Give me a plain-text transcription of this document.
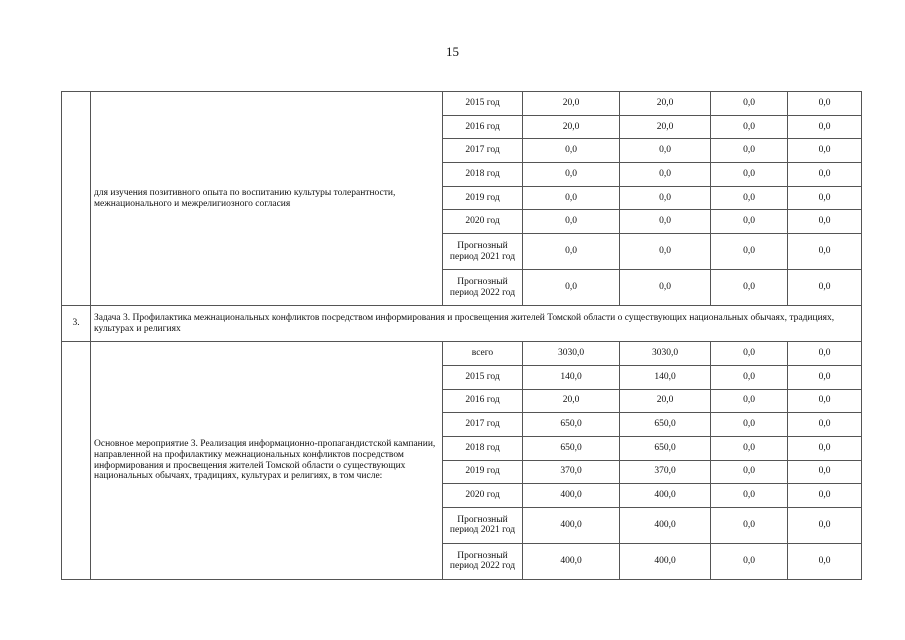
15
	для изучения позитивного опыта по воспитанию культуры толерантности, межнационального и межрелигиозного согласия	2015 год	20,0	20,0	0,0	0,0
		2016 год	20,0	20,0	0,0	0,0
		2017 год	0,0	0,0	0,0	0,0
		2018 год	0,0	0,0	0,0	0,0
		2019 год	0,0	0,0	0,0	0,0
		2020 год	0,0	0,0	0,0	0,0
		Прогнозный период 2021 год	0,0	0,0	0,0	0,0
		Прогнозный период 2022 год	0,0	0,0	0,0	0,0
3.	Задача 3. Профилактика межнациональных конфликтов посредством информирования и просвещения жителей Томской области о существующих национальных обычаях, традициях, культурах и религиях					
	Основное мероприятие 3. Реализация информационно-пропагандистской кампании, направленной на профилактику межнациональных конфликтов посредством информирования и просвещения жителей Томской области о существующих национальных обычаях, традициях, культурах и религиях, в том числе:	всего	3030,0	3030,0	0,0	0,0
		2015 год	140,0	140,0	0,0	0,0
		2016 год	20,0	20,0	0,0	0,0
		2017 год	650,0	650,0	0,0	0,0
		2018 год	650,0	650,0	0,0	0,0
		2019 год	370,0	370,0	0,0	0,0
		2020 год	400,0	400,0	0,0	0,0
		Прогнозный период 2021 год	400,0	400,0	0,0	0,0
		Прогнозный период 2022 год	400,0	400,0	0,0	0,0
